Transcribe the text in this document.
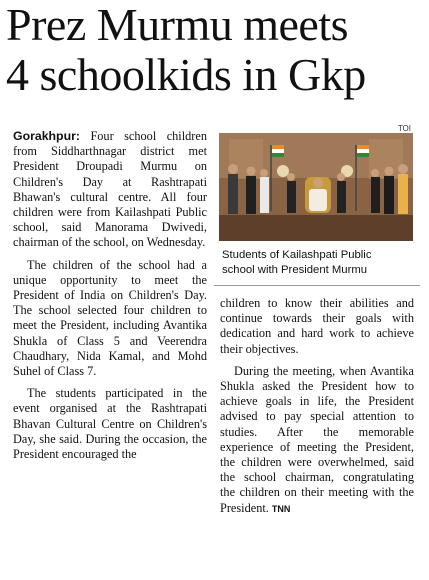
Prez Murmu meets
4 schoolkids in Gkp
TOI

Gorakhpur: Four school children from Siddharthnagar district met President Droupadi Murmu on Children's Day at Rashtrapati Bhawan's cultural centre. All four children were from Kailashpati Public school, said Manorama Dwivedi, chairman of the school, on Wednesday.

The children of the school had a unique opportunity to meet the President of India on Children's Day. The school selected four children to meet the President, including Avantika Shukla of Class 5 and Veerendra Chaudhary, Nida Kamal, and Mohd Suhel of Class 7.

The students participated in the event organised at the Rashtrapati Bhavan Cultural Centre on Children's Day, she said. During the occasion, the President encouraged the

Students of Kailashpati Public
school with President Murmu

children to know their abilities and continue towards their goals with dedication and hard work to achieve their objectives.

During the meeting, when Avantika Shukla asked the President how to achieve goals in life, the President advised to pay special attention to studies. After the memorable experience of meeting the President, the children were overwhelmed, said the school chairman, congratulating the children on their meeting with the President. TNN
